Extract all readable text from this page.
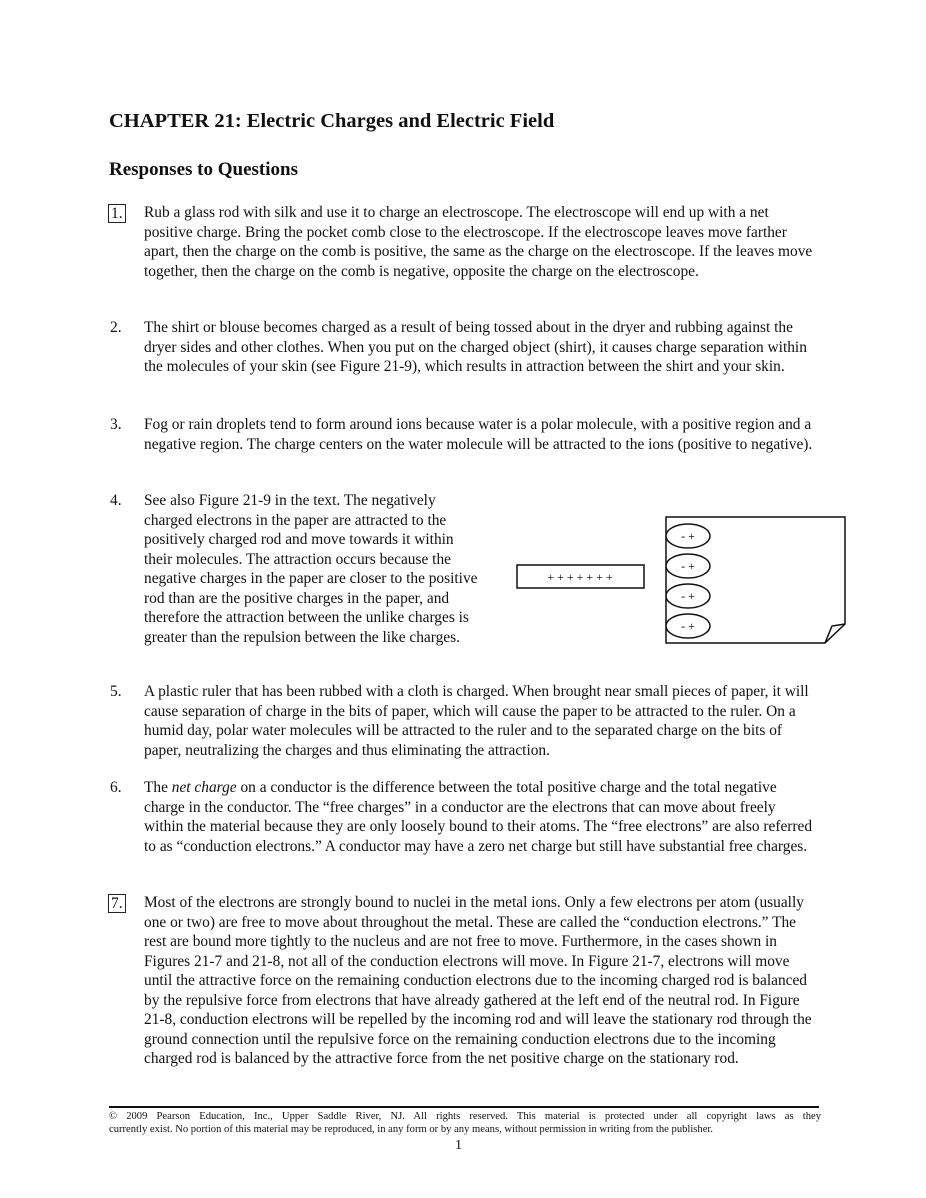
CHAPTER 21: Electric Charges and Electric Field
Responses to Questions
1. Rub a glass rod with silk and use it to charge an electroscope. The electroscope will end up with a net positive charge. Bring the pocket comb close to the electroscope. If the electroscope leaves move farther apart, then the charge on the comb is positive, the same as the charge on the electroscope. If the leaves move together, then the charge on the comb is negative, opposite the charge on the electroscope.
2. The shirt or blouse becomes charged as a result of being tossed about in the dryer and rubbing against the dryer sides and other clothes. When you put on the charged object (shirt), it causes charge separation within the molecules of your skin (see Figure 21-9), which results in attraction between the shirt and your skin.
3. Fog or rain droplets tend to form around ions because water is a polar molecule, with a positive region and a negative region. The charge centers on the water molecule will be attracted to the ions (positive to negative).
4. See also Figure 21-9 in the text. The negatively charged electrons in the paper are attracted to the positively charged rod and move towards it within their molecules. The attraction occurs because the negative charges in the paper are closer to the positive rod than are the positive charges in the paper, and therefore the attraction between the unlike charges is greater than the repulsion between the like charges.
+ + + + + + +
- +
- +
- +
- +
5. A plastic ruler that has been rubbed with a cloth is charged. When brought near small pieces of paper, it will cause separation of charge in the bits of paper, which will cause the paper to be attracted to the ruler. On a humid day, polar water molecules will be attracted to the ruler and to the separated charge on the bits of paper, neutralizing the charges and thus eliminating the attraction.
6. The net charge on a conductor is the difference between the total positive charge and the total negative charge in the conductor. The “free charges” in a conductor are the electrons that can move about freely within the material because they are only loosely bound to their atoms. The “free electrons” are also referred to as “conduction electrons.” A conductor may have a zero net charge but still have substantial free charges.
7. Most of the electrons are strongly bound to nuclei in the metal ions. Only a few electrons per atom (usually one or two) are free to move about throughout the metal. These are called the “conduction electrons.” The rest are bound more tightly to the nucleus and are not free to move. Furthermore, in the cases shown in Figures 21-7 and 21-8, not all of the conduction electrons will move. In Figure 21-7, electrons will move until the attractive force on the remaining conduction electrons due to the incoming charged rod is balanced by the repulsive force from electrons that have already gathered at the left end of the neutral rod. In Figure 21-8, conduction electrons will be repelled by the incoming rod and will leave the stationary rod through the ground connection until the repulsive force on the remaining conduction electrons due to the incoming charged rod is balanced by the attractive force from the net positive charge on the stationary rod.
© 2009 Pearson Education, Inc., Upper Saddle River, NJ. All rights reserved. This material is protected under all copyright laws as they
currently exist. No portion of this material may be reproduced, in any form or by any means, without permission in writing from the publisher.
1
